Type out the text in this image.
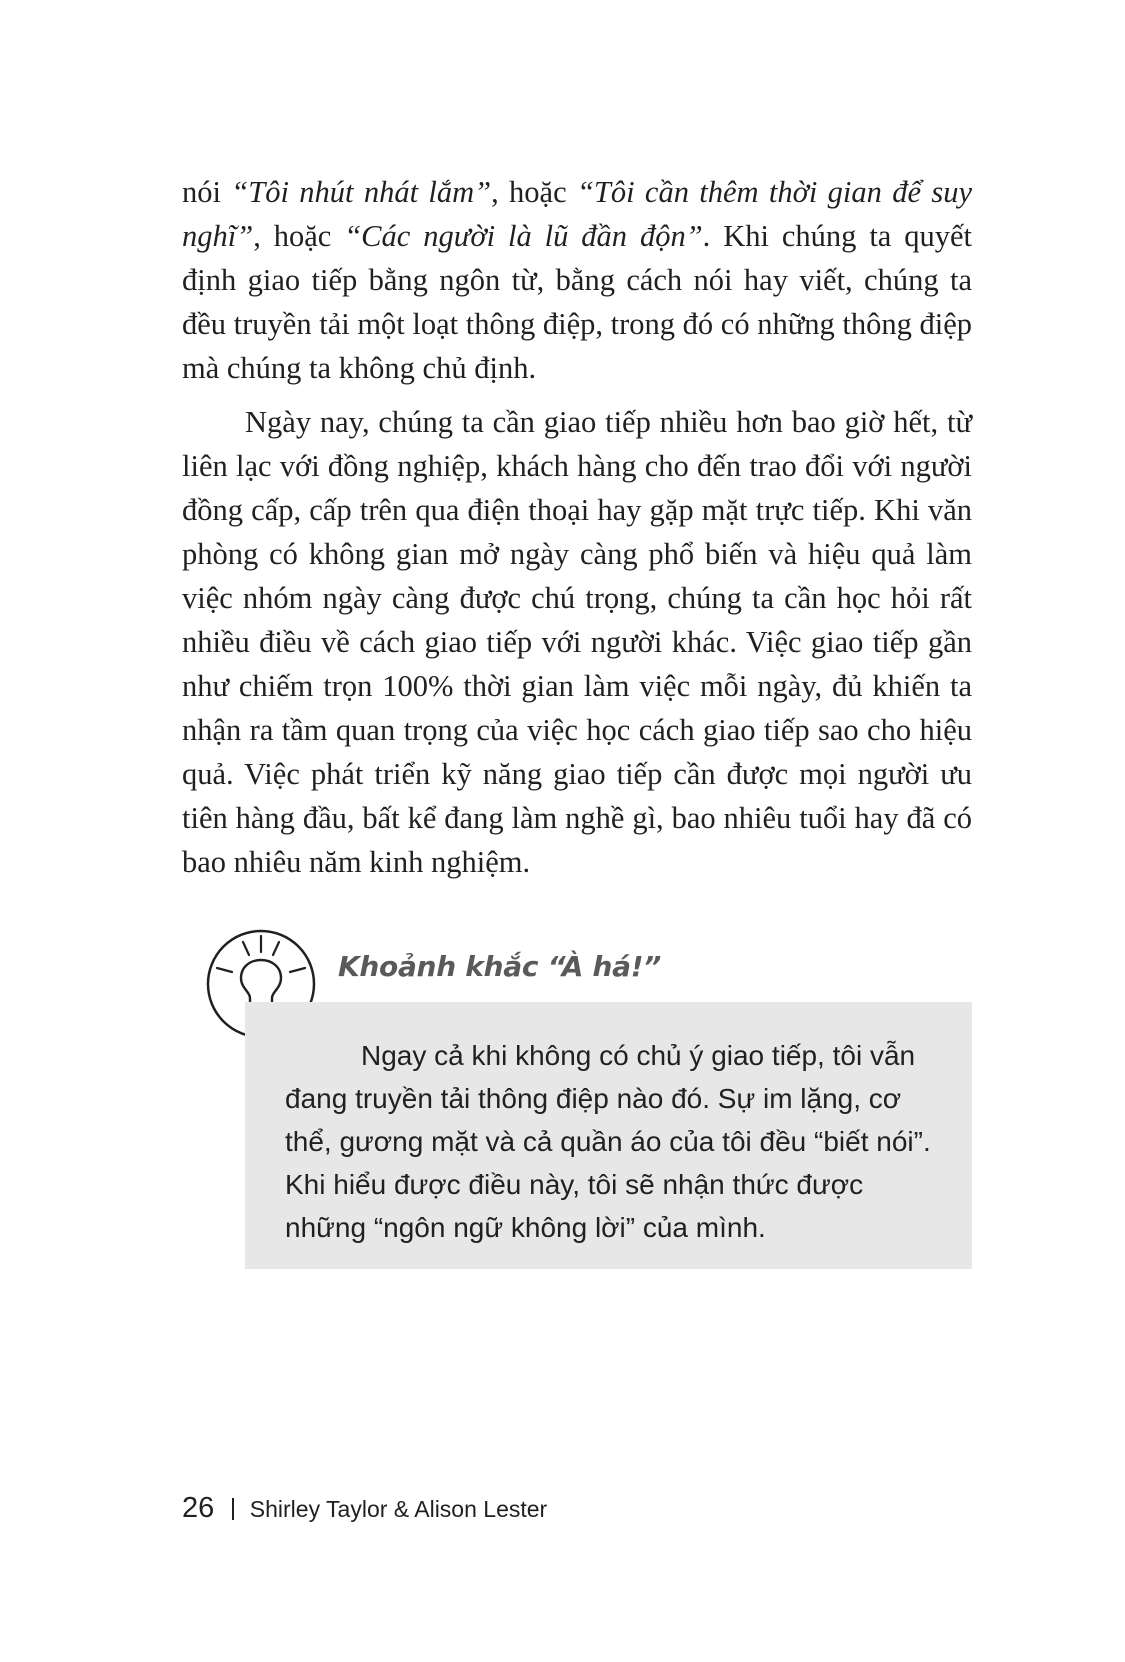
nói “Tôi nhút nhát lắm”, hoặc “Tôi cần thêm thời gian để suy nghĩ”, hoặc “Các người là lũ đần độn”. Khi chúng ta quyết định giao tiếp bằng ngôn từ, bằng cách nói hay viết, chúng ta đều truyền tải một loạt thông điệp, trong đó có những thông điệp mà chúng ta không chủ định.

Ngày nay, chúng ta cần giao tiếp nhiều hơn bao giờ hết, từ liên lạc với đồng nghiệp, khách hàng cho đến trao đổi với người đồng cấp, cấp trên qua điện thoại hay gặp mặt trực tiếp. Khi văn phòng có không gian mở ngày càng phổ biến và hiệu quả làm việc nhóm ngày càng được chú trọng, chúng ta cần học hỏi rất nhiều điều về cách giao tiếp với người khác. Việc giao tiếp gần như chiếm trọn 100% thời gian làm việc mỗi ngày, đủ khiến ta nhận ra tầm quan trọng của việc học cách giao tiếp sao cho hiệu quả. Việc phát triển kỹ năng giao tiếp cần được mọi người ưu tiên hàng đầu, bất kể đang làm nghề gì, bao nhiêu tuổi hay đã có bao nhiêu năm kinh nghiệm.

Khoảnh khắc “À há!”

Ngay cả khi không có chủ ý giao tiếp, tôi vẫn đang truyền tải thông điệp nào đó. Sự im lặng, cơ thể, gương mặt và cả quần áo của tôi đều “biết nói”. Khi hiểu được điều này, tôi sẽ nhận thức được những “ngôn ngữ không lời” của mình.

26 Shirley Taylor & Alison Lester
